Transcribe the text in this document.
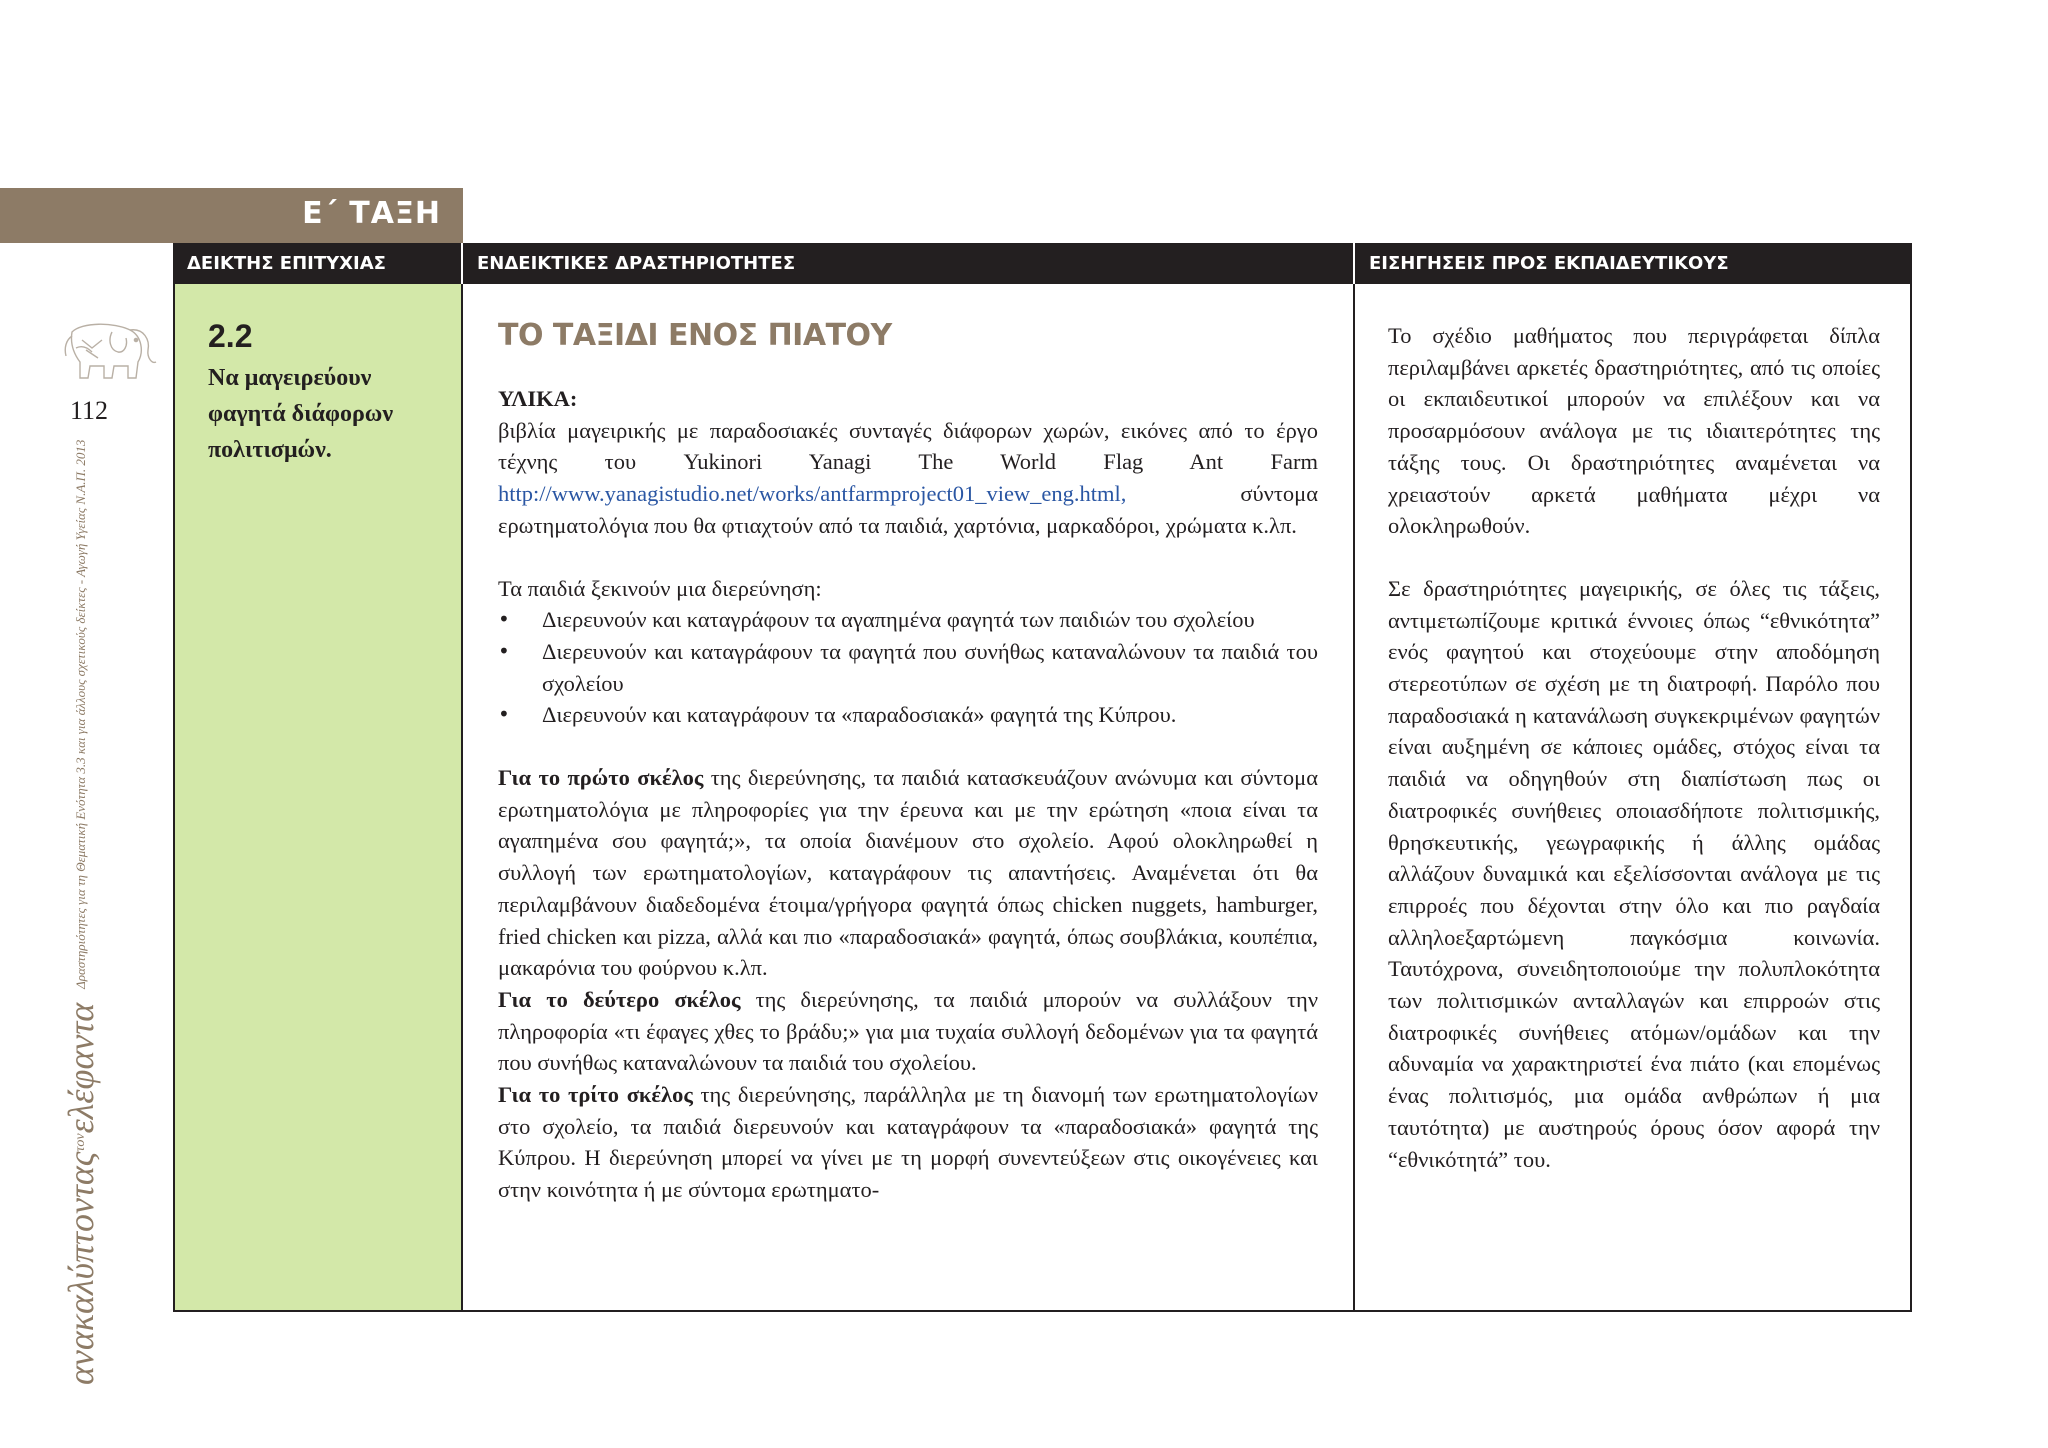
Ε΄ ΤΑΞΗ
112
ανακαλύπτονταςτονελέφαντα Δραστηριότητες για τη Θεματική Ενότητα 3.3 και για άλλους σχετικούς δείκτες - Αγωγή Υγείας Ν.Α.Π. 2013
ΔΕΙΚΤΗΣ ΕΠΙΤΥΧΙΑΣ	ΕΝΔΕΙΚΤΙΚΕΣ ΔΡΑΣΤΗΡΙΟΤΗΤΕΣ	ΕΙΣΗΓΗΣΕΙΣ ΠΡΟΣ ΕΚΠΑΙΔΕΥΤΙΚΟΥΣ
2.2
Να μαγειρεύουν φαγητά διάφορων πολιτισμών.
ΤΟ ΤΑΞΙΔΙ ΕΝΟΣ ΠΙΑΤΟΥ
ΥΛΙΚΑ:
βιβλία μαγειρικής με παραδοσιακές συνταγές διάφορων χωρών, εικόνες από το έργο τέχνης του Yukinori Yanagi The World Flag Ant Farm http://www.yanagistudio.net/works/antfarmproject01_view_eng.html, σύντομα ερωτηματολόγια που θα φτιαχτούν από τα παιδιά, χαρτόνια, μαρκαδόροι, χρώματα κ.λπ.
Τα παιδιά ξεκινούν μια διερεύνηση:
• Διερευνούν και καταγράφουν τα αγαπημένα φαγητά των παιδιών του σχολείου
• Διερευνούν και καταγράφουν τα φαγητά που συνήθως καταναλώνουν τα παιδιά του σχολείου
• Διερευνούν και καταγράφουν τα «παραδοσιακά» φαγητά της Κύπρου.
Για το πρώτο σκέλος της διερεύνησης, τα παιδιά κατασκευάζουν ανώνυμα και σύντομα ερωτηματολόγια με πληροφορίες για την έρευνα και με την ερώτηση «ποια είναι τα αγαπημένα σου φαγητά;», τα οποία διανέμουν στο σχολείο. Αφού ολοκληρωθεί η συλλογή των ερωτηματολογίων, καταγράφουν τις απαντήσεις. Αναμένεται ότι θα περιλαμβάνουν διαδεδομένα έτοιμα/γρήγορα φαγητά όπως chicken nuggets, hamburger, fried chicken και pizza, αλλά και πιο «παραδοσιακά» φαγητά, όπως σουβλάκια, κουπέπια, μακαρόνια του φούρνου κ.λπ.
Για το δεύτερο σκέλος της διερεύνησης, τα παιδιά μπορούν να συλλάξουν την πληροφορία «τι έφαγες χθες το βράδυ;» για μια τυχαία συλλογή δεδομένων για τα φαγητά που συνήθως καταναλώνουν τα παιδιά του σχολείου.
Για το τρίτο σκέλος της διερεύνησης, παράλληλα με τη διανομή των ερωτηματολογίων στο σχολείο, τα παιδιά διερευνούν και καταγράφουν τα «παραδοσιακά» φαγητά της Κύπρου. Η διερεύνηση μπορεί να γίνει με τη μορφή συνεντεύξεων στις οικογένειες και στην κοινότητα ή με σύντομα ερωτηματο-
Το σχέδιο μαθήματος που περιγράφεται δίπλα περιλαμβάνει αρκετές δραστηριότητες, από τις οποίες οι εκπαιδευτικοί μπορούν να επιλέξουν και να προσαρμόσουν ανάλογα με τις ιδιαιτερότητες της τάξης τους. Οι δραστηριότητες αναμένεται να χρειαστούν αρκετά μαθήματα μέχρι να ολοκληρωθούν.
Σε δραστηριότητες μαγειρικής, σε όλες τις τάξεις, αντιμετωπίζουμε κριτικά έννοιες όπως “εθνικότητα” ενός φαγητού και στοχεύουμε στην αποδόμηση στερεοτύπων σε σχέση με τη διατροφή. Παρόλο που παραδοσιακά η κατανάλωση συγκεκριμένων φαγητών είναι αυξημένη σε κάποιες ομάδες, στόχος είναι τα παιδιά να οδηγηθούν στη διαπίστωση πως οι διατροφικές συνήθειες οποιασδήποτε πολιτισμικής, θρησκευτικής, γεωγραφικής ή άλλης ομάδας αλλάζουν δυναμικά και εξελίσσονται ανάλογα με τις επιρροές που δέχονται στην όλο και πιο ραγδαία αλληλοεξαρτώμενη παγκόσμια κοινωνία. Ταυτόχρονα, συνειδητοποιούμε την πολυπλοκότητα των πολιτισμικών ανταλλαγών και επιρροών στις διατροφικές συνήθειες ατόμων/ομάδων και την αδυναμία να χαρακτηριστεί ένα πιάτο (και επομένως ένας πολιτισμός, μια ομάδα ανθρώπων ή μια ταυτότητα) με αυστηρούς όρους όσον αφορά την “εθνικότητά” του.
